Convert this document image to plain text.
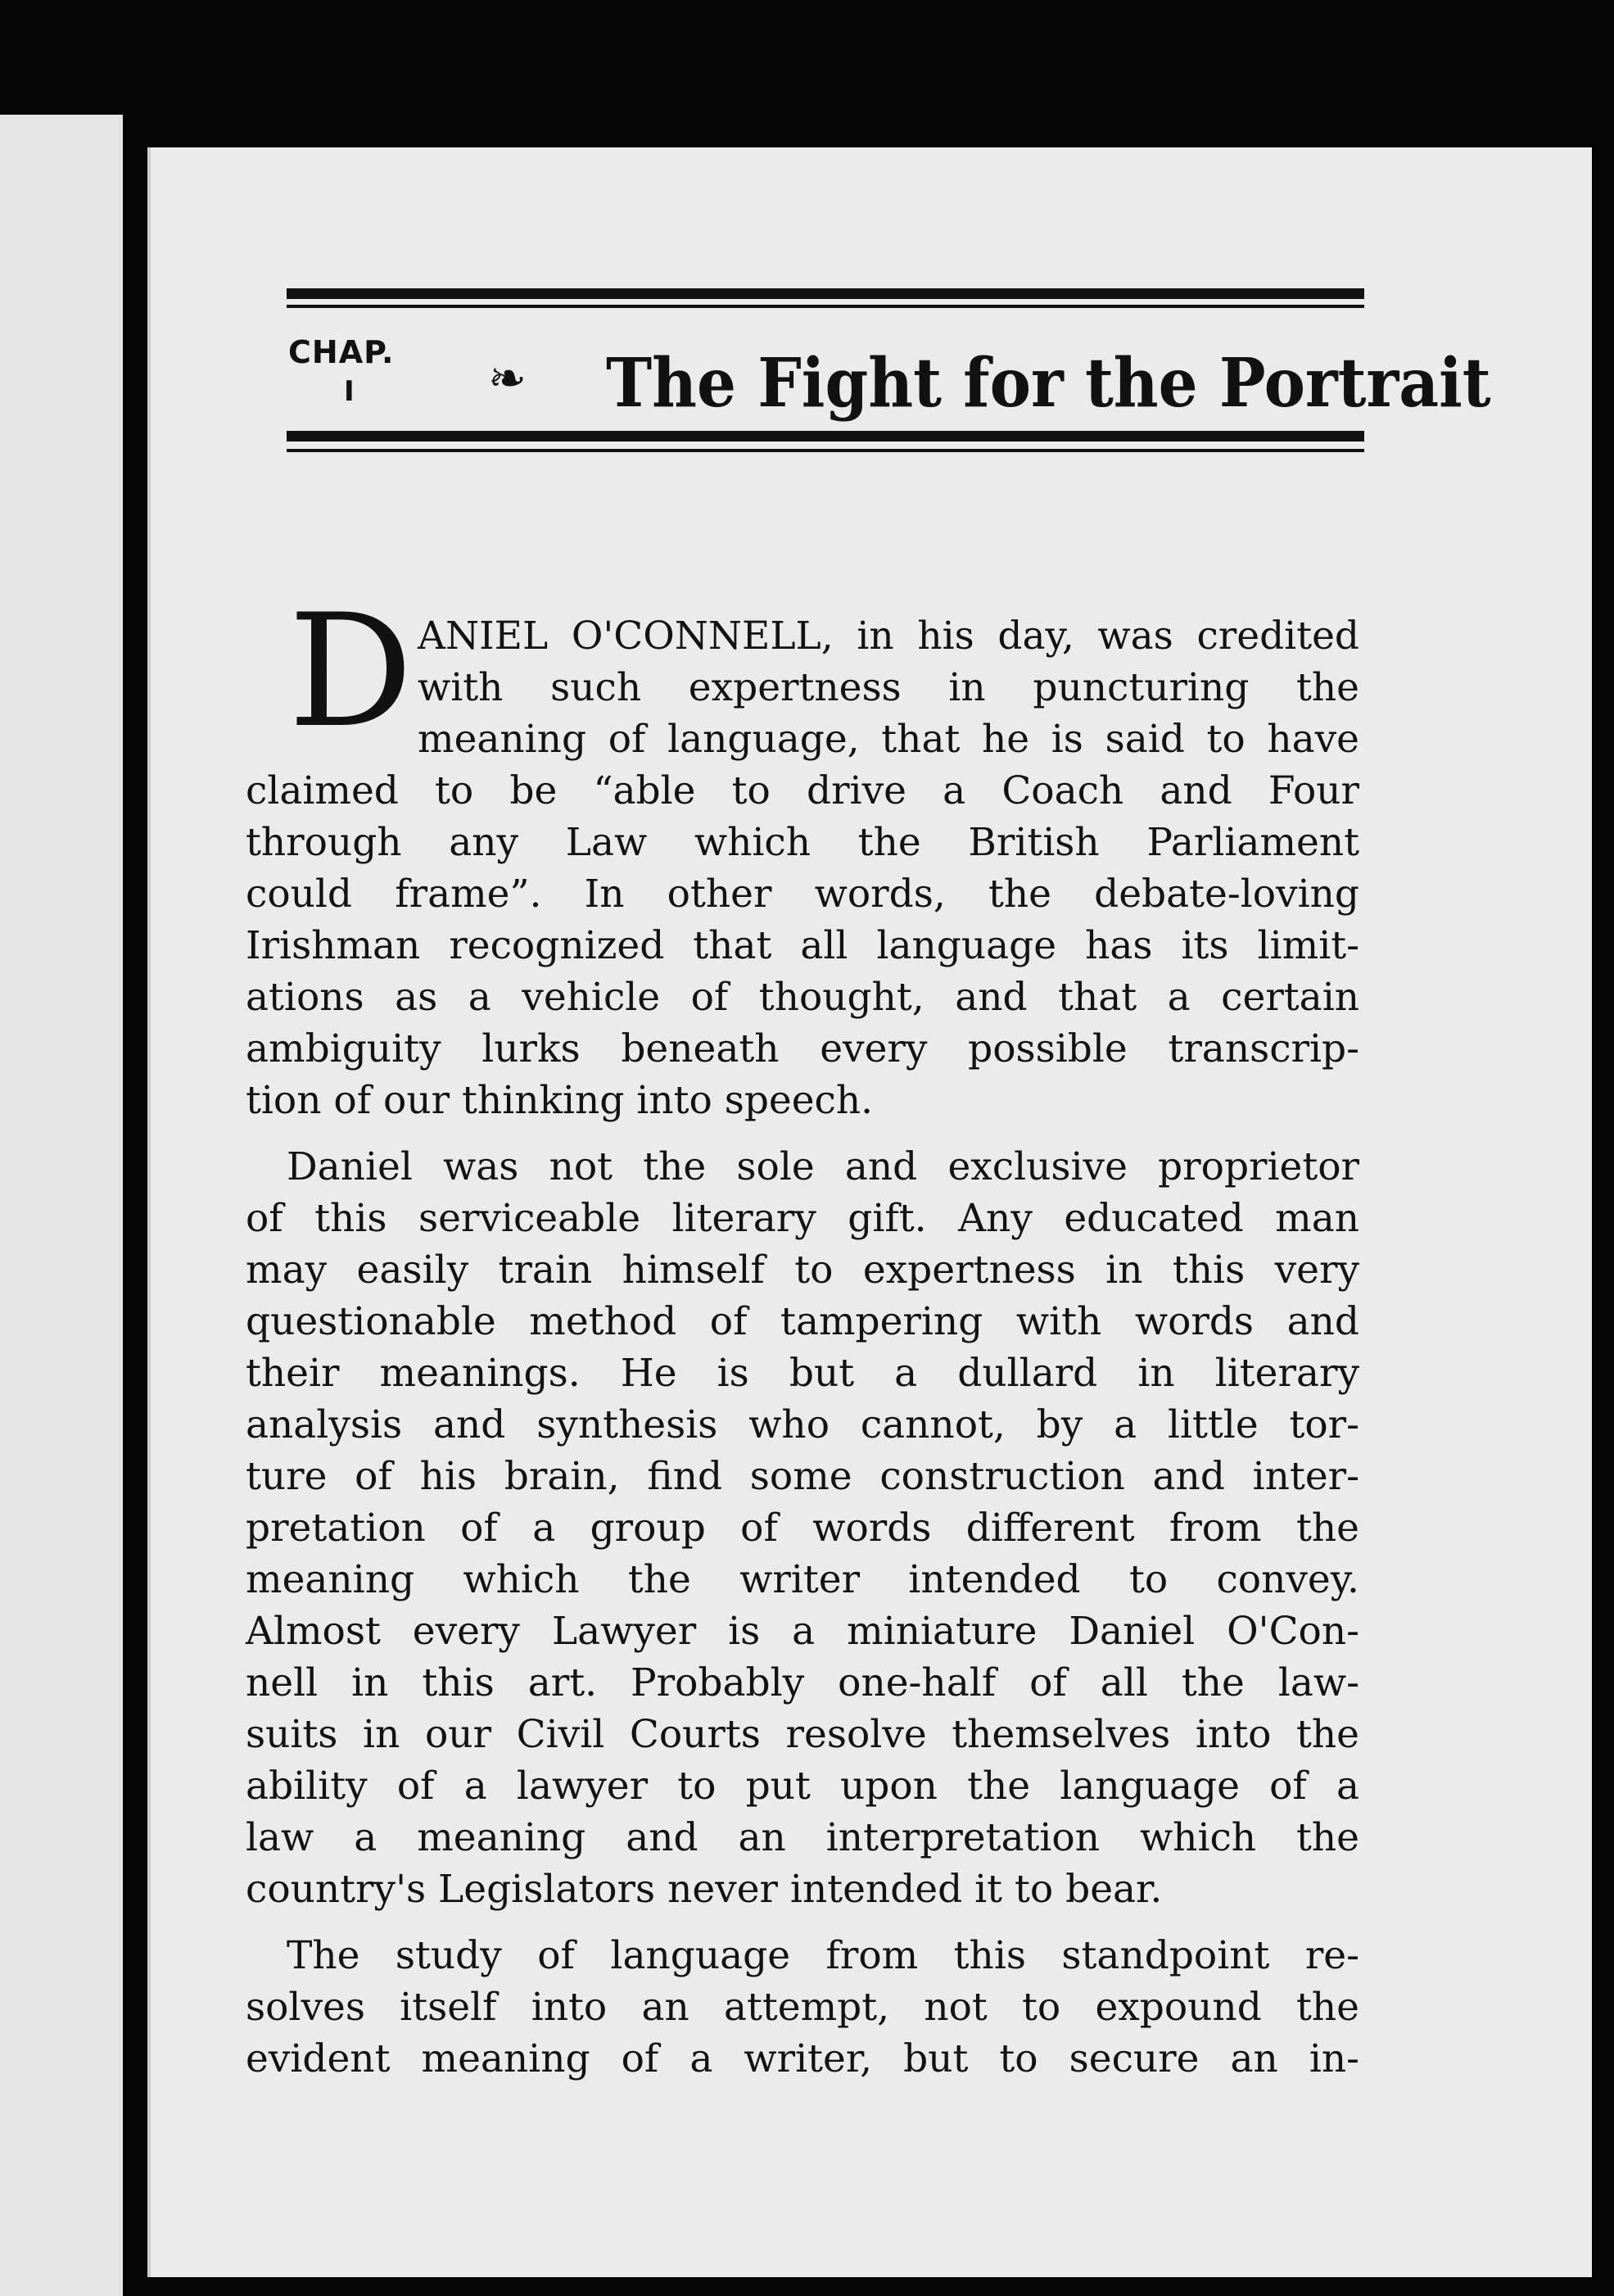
CHAP.
I	❧ The Fight for the Portrait
D ANIEL O'CONNELL, in his day, was credited
with such expertness in puncturing the
meaning of language, that he is said to have
claimed to be “able to drive a Coach and Four
through any Law which the British Parliament
could frame”. In other words, the debate-loving
Irishman recognized that all language has its limit-
ations as a vehicle of thought, and that a certain
ambiguity lurks beneath every possible transcrip-
tion of our thinking into speech.
Daniel was not the sole and exclusive proprietor
of this serviceable literary gift. Any educated man
may easily train himself to expertness in this very
questionable method of tampering with words and
their meanings. He is but a dullard in literary
analysis and synthesis who cannot, by a little tor-
ture of his brain, find some construction and inter-
pretation of a group of words different from the
meaning which the writer intended to convey.
Almost every Lawyer is a miniature Daniel O'Con-
nell in this art. Probably one-half of all the law-
suits in our Civil Courts resolve themselves into the
ability of a lawyer to put upon the language of a
law a meaning and an interpretation which the
country's Legislators never intended it to bear.
The study of language from this standpoint re-
solves itself into an attempt, not to expound the
evident meaning of a writer, but to secure an in-
